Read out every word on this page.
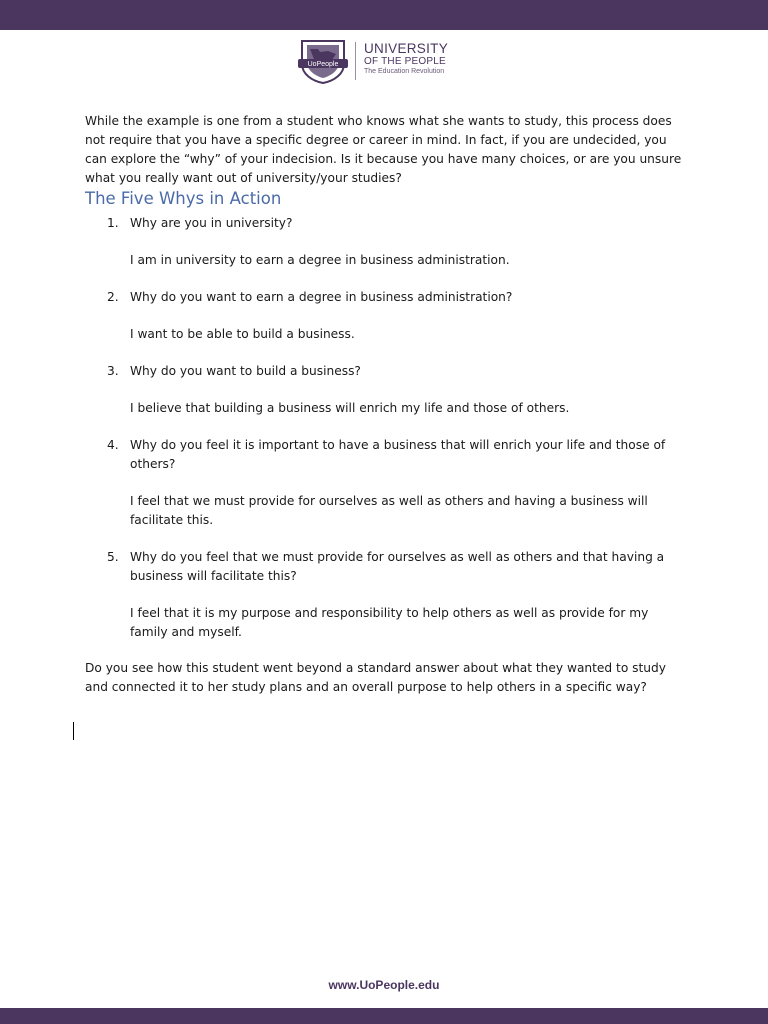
UoPeople
UNIVERSITY
OF THE PEOPLE
The Education Revolution

While the example is one from a student who knows what she wants to study, this process does not require that you have a specific degree or career in mind. In fact, if you are undecided, you can explore the “why” of your indecision. Is it because you have many choices, or are you unsure what you really want out of university/your studies?

The Five Whys in Action
1. Why are you in university?
I am in university to earn a degree in business administration.
2. Why do you want to earn a degree in business administration?
I want to be able to build a business.
3. Why do you want to build a business?
I believe that building a business will enrich my life and those of others.
4. Why do you feel it is important to have a business that will enrich your life and those of others?
I feel that we must provide for ourselves as well as others and having a business will facilitate this.
5. Why do you feel that we must provide for ourselves as well as others and that having a business will facilitate this?
I feel that it is my purpose and responsibility to help others as well as provide for my family and myself.

Do you see how this student went beyond a standard answer about what they wanted to study and connected it to her study plans and an overall purpose to help others in a specific way?

www.UoPeople.edu
